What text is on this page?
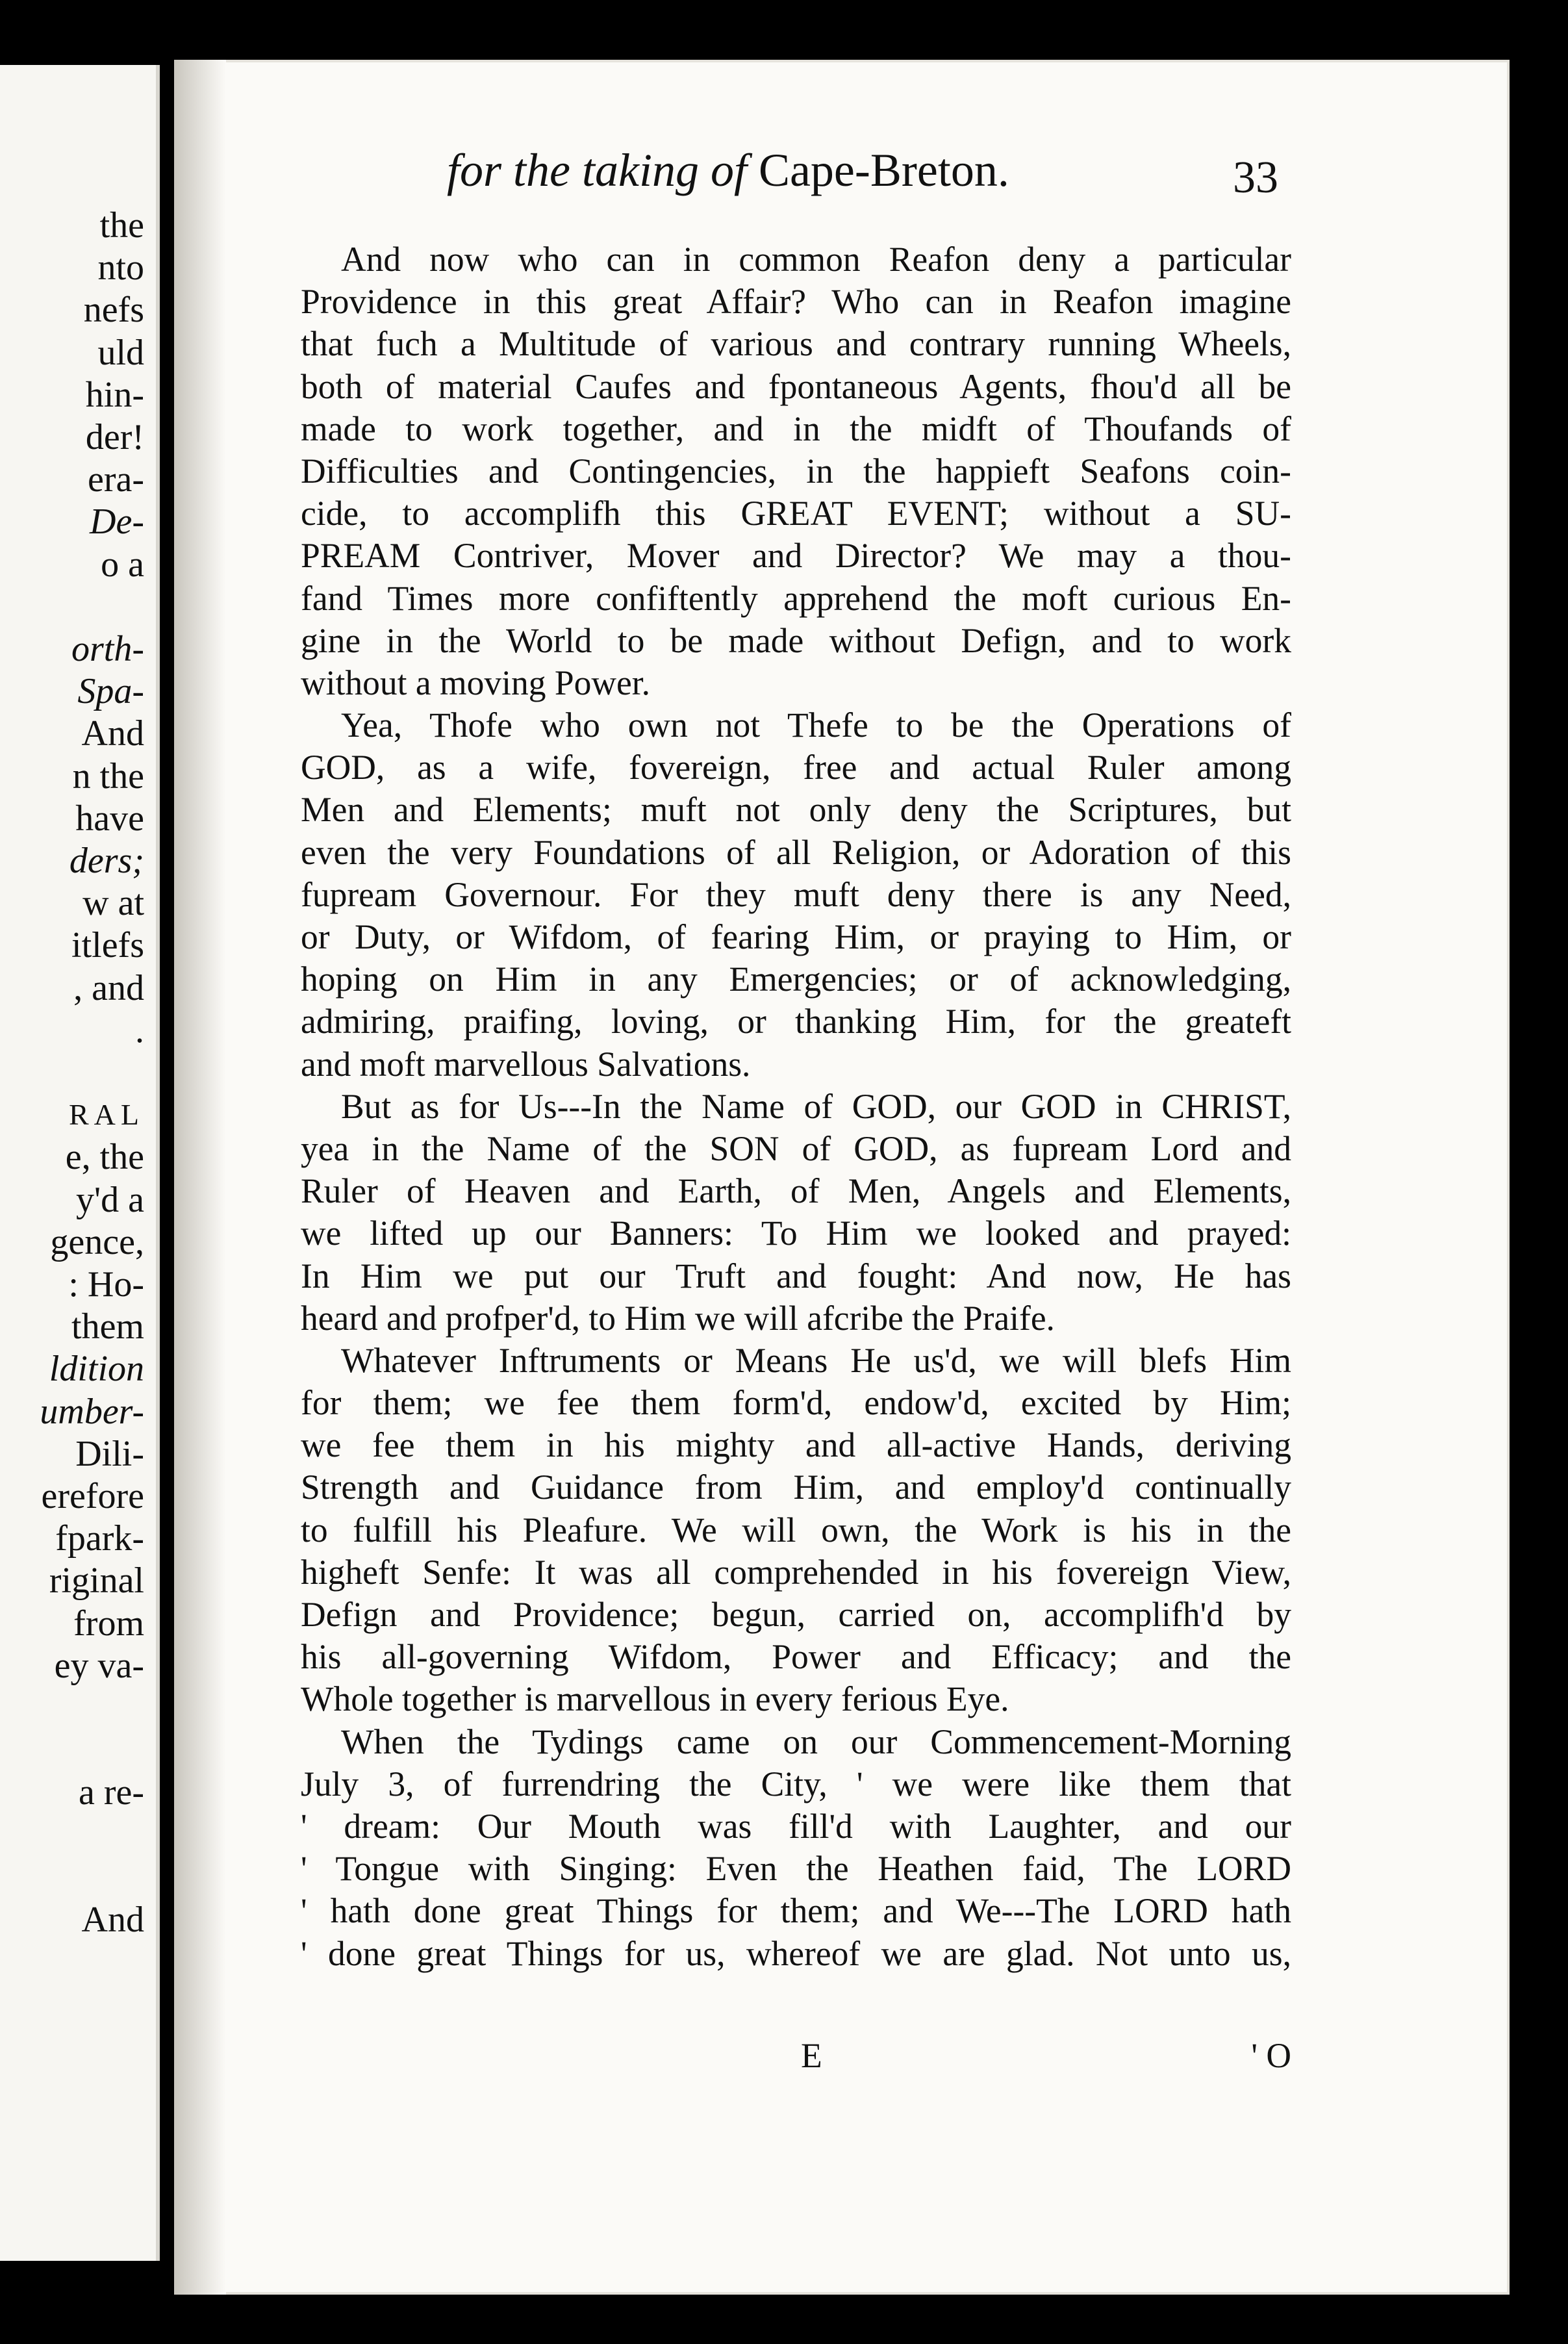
the
nto
nefs
uld
hin-
der!
era-
De-
o a
orth-
Spa-
And
n the
have
ders;
w at
itlefs
, and
.
RAL
e, the
y'd a
gence,
: Ho-
them
ldition
umber-
Dili-
erefore
fpark-
riginal
from
ey va-
a re-
And
for the taking of Cape-Breton.	33
And now who can in common Reafon deny a particular
Providence in this great Affair? Who can in Reafon imagine
that fuch a Multitude of various and contrary running Wheels,
both of material Caufes and fpontaneous Agents, fhou'd all be
made to work together, and in the midft of Thoufands of
Difficulties and Contingencies, in the happieft Seafons coin-
cide, to accomplifh this GREAT EVENT; without a SU-
PREAM Contriver, Mover and Director? We may a thou-
fand Times more confiftently apprehend the moft curious En-
gine in the World to be made without Defign, and to work
without a moving Power.
Yea, Thofe who own not Thefe to be the Operations of
GOD, as a wife, fovereign, free and actual Ruler among
Men and Elements; muft not only deny the Scriptures, but
even the very Foundations of all Religion, or Adoration of this
fupream Governour. For they muft deny there is any Need,
or Duty, or Wifdom, of fearing Him, or praying to Him, or
hoping on Him in any Emergencies; or of acknowledging,
admiring, praifing, loving, or thanking Him, for the greateft
and moft marvellous Salvations.
But as for Us---In the Name of GOD, our GOD in CHRIST,
yea in the Name of the SON of GOD, as fupream Lord and
Ruler of Heaven and Earth, of Men, Angels and Elements,
we lifted up our Banners: To Him we looked and prayed:
In Him we put our Truft and fought: And now, He has
heard and profper'd, to Him we will afcribe the Praife.
Whatever Inftruments or Means He us'd, we will blefs Him
for them; we fee them form'd, endow'd, excited by Him;
we fee them in his mighty and all-active Hands, deriving
Strength and Guidance from Him, and employ'd continually
to fulfill his Pleafure. We will own, the Work is his in the
higheft Senfe: It was all comprehended in his fovereign View,
Defign and Providence; begun, carried on, accomplifh'd by
his all-governing Wifdom, Power and Efficacy; and the
Whole together is marvellous in every ferious Eye.
When the Tydings came on our Commencement-Morning
July 3, of furrendring the City, ' we were like them that
' dream: Our Mouth was fill'd with Laughter, and our
' Tongue with Singing: Even the Heathen faid, The LORD
' hath done great Things for them; and We---The LORD hath
' done great Things for us, whereof we are glad. Not unto us,
E	' O
